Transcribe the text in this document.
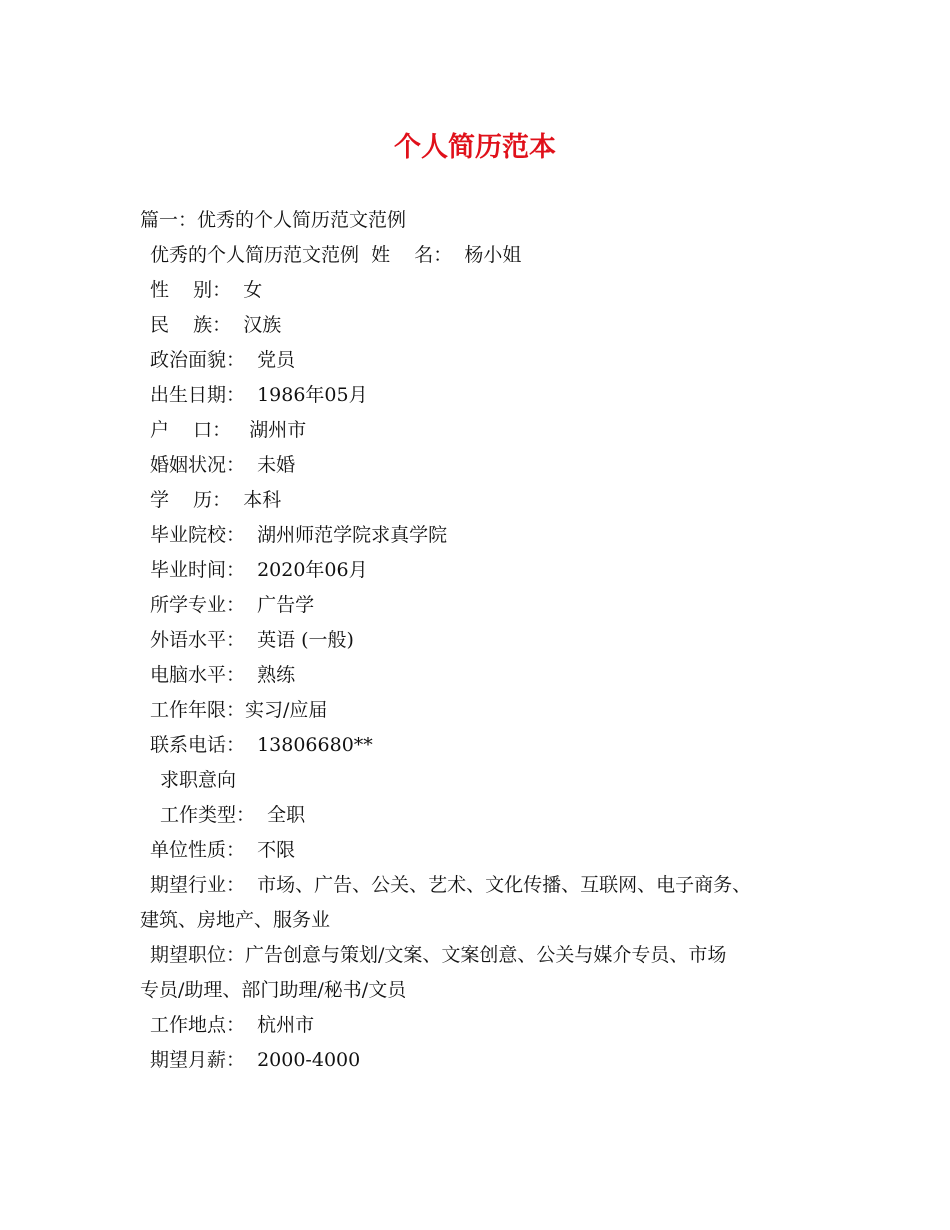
个人简历范本

篇一：优秀的个人简历范文范例

优秀的个人简历范文范例  姓    名：  杨小姐

性    别：  女

民    族：  汉族

政治面貌：  党员

出生日期：  1986年05月

户    口：   湖州市

婚姻状况：  未婚

学    历：  本科

毕业院校：  湖州师范学院求真学院

毕业时间：  2020年06月

所学专业：  广告学

外语水平：  英语 (一般)

电脑水平：  熟练

工作年限：实习/应届

联系电话：  13806680**

求职意向

工作类型：  全职

单位性质：  不限

期望行业：  市场、广告、公关、艺术、文化传播、互联网、电子商务、

建筑、房地产、服务业

期望职位：广告创意与策划/文案、文案创意、公关与媒介专员、市场

专员/助理、部门助理/秘书/文员

工作地点：  杭州市

期望月薪：  2000-4000
